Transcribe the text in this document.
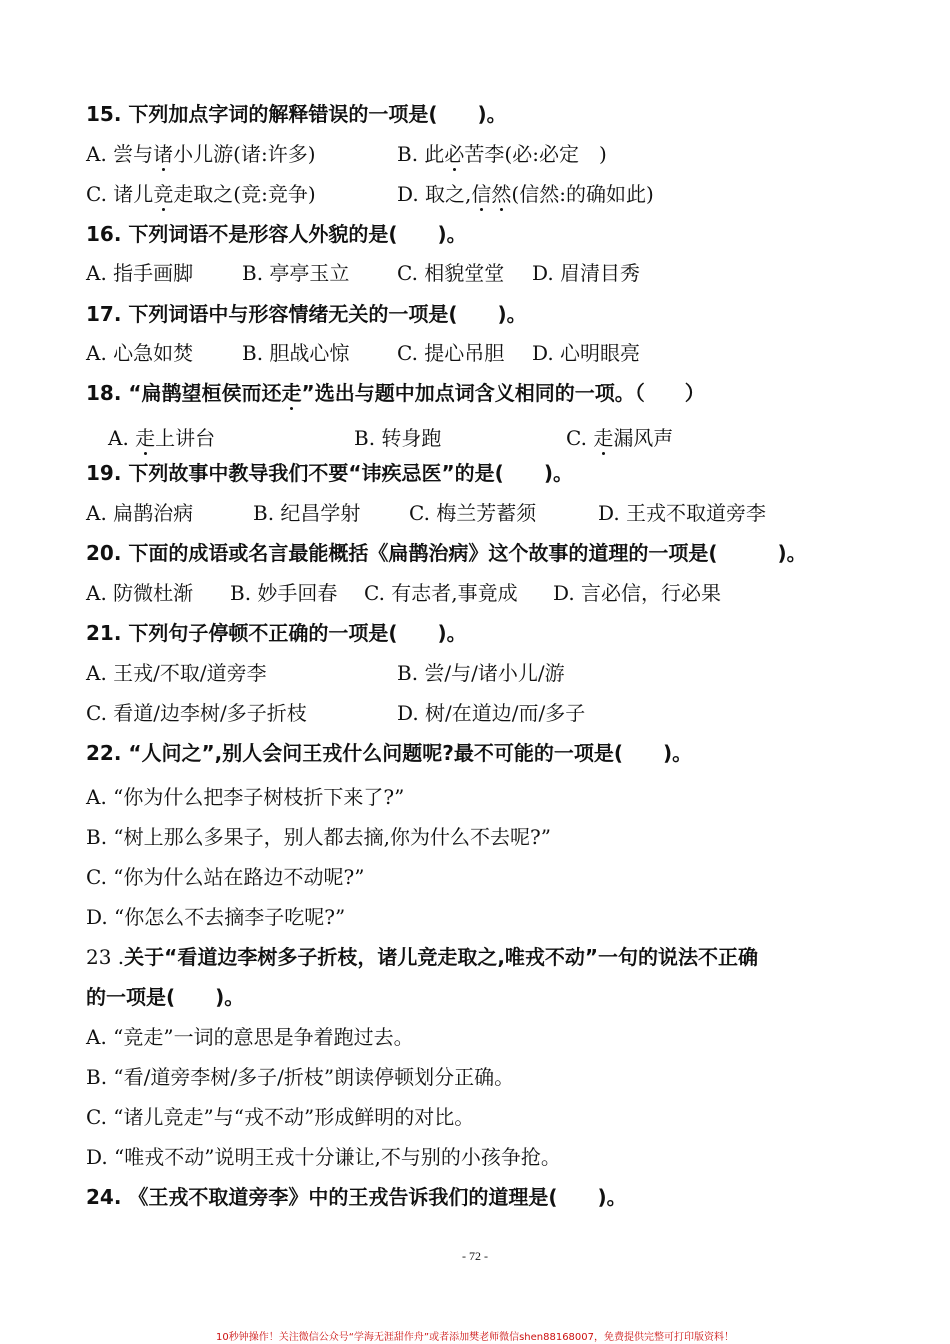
15. 下列加点字词的解释错误的一项是(　　)。
A. 尝与诸小儿游(诸:许多)	B. 此必苦李(必:必定　)
C. 诸儿竞走取之(竞:竞争)	D. 取之,信然(信然:的确如此)
16. 下列词语不是形容人外貌的是(　　)。
A. 指手画脚 B. 亭亭玉立 C. 相貌堂堂 D. 眉清目秀
17. 下列词语中与形容情绪无关的一项是(　　)。
A. 心急如焚 B. 胆战心惊 C. 提心吊胆 D. 心明眼亮
18. “扁鹊望桓侯而还走”选出与题中加点词含义相同的一项。（　　）
A. 走上讲台	B. 转身跑	C. 走漏风声
19. 下列故事中教导我们不要“讳疾忌医”的是(　　)。
A. 扁鹊治病	B. 纪昌学射 C. 梅兰芳蓄须	D. 王戎不取道旁李
20. 下面的成语或名言最能概括《扁鹊治病》这个故事的道理的一项是(　　　)。
A. 防微杜渐 B. 妙手回春 C. 有志者,事竟成 D. 言必信，行必果
21. 下列句子停顿不正确的一项是(　　)。
A. 王戎/不取/道旁李	B. 尝/与/诸小儿/游
C. 看道/边李树/多子折枝	D. 树/在道边/而/多子
22. “人问之”,别人会问王戎什么问题呢?最不可能的一项是(　　)。
A. “你为什么把李子树枝折下来了?”
B. “树上那么多果子，别人都去摘,你为什么不去呢?”
C. “你为什么站在路边不动呢?”
D. “你怎么不去摘李子吃呢?”
23 .关于“看道边李树多子折枝，诸儿竞走取之,唯戎不动”一句的说法不正确
的一项是(　　)。
A. “竞走”一词的意思是争着跑过去。
B. “看/道旁李树/多子/折枝”朗读停顿划分正确。
C. “诸儿竞走”与“戎不动”形成鲜明的对比。
D. “唯戎不动”说明王戎十分谦让,不与别的小孩争抢。
24. 《王戎不取道旁李》中的王戎告诉我们的道理是(　　)。
- 72 -
10秒钟操作！关注微信公众号“学海无涯甜作舟”或者添加樊老师微信shen88168007，免费提供完整可打印版资料！
